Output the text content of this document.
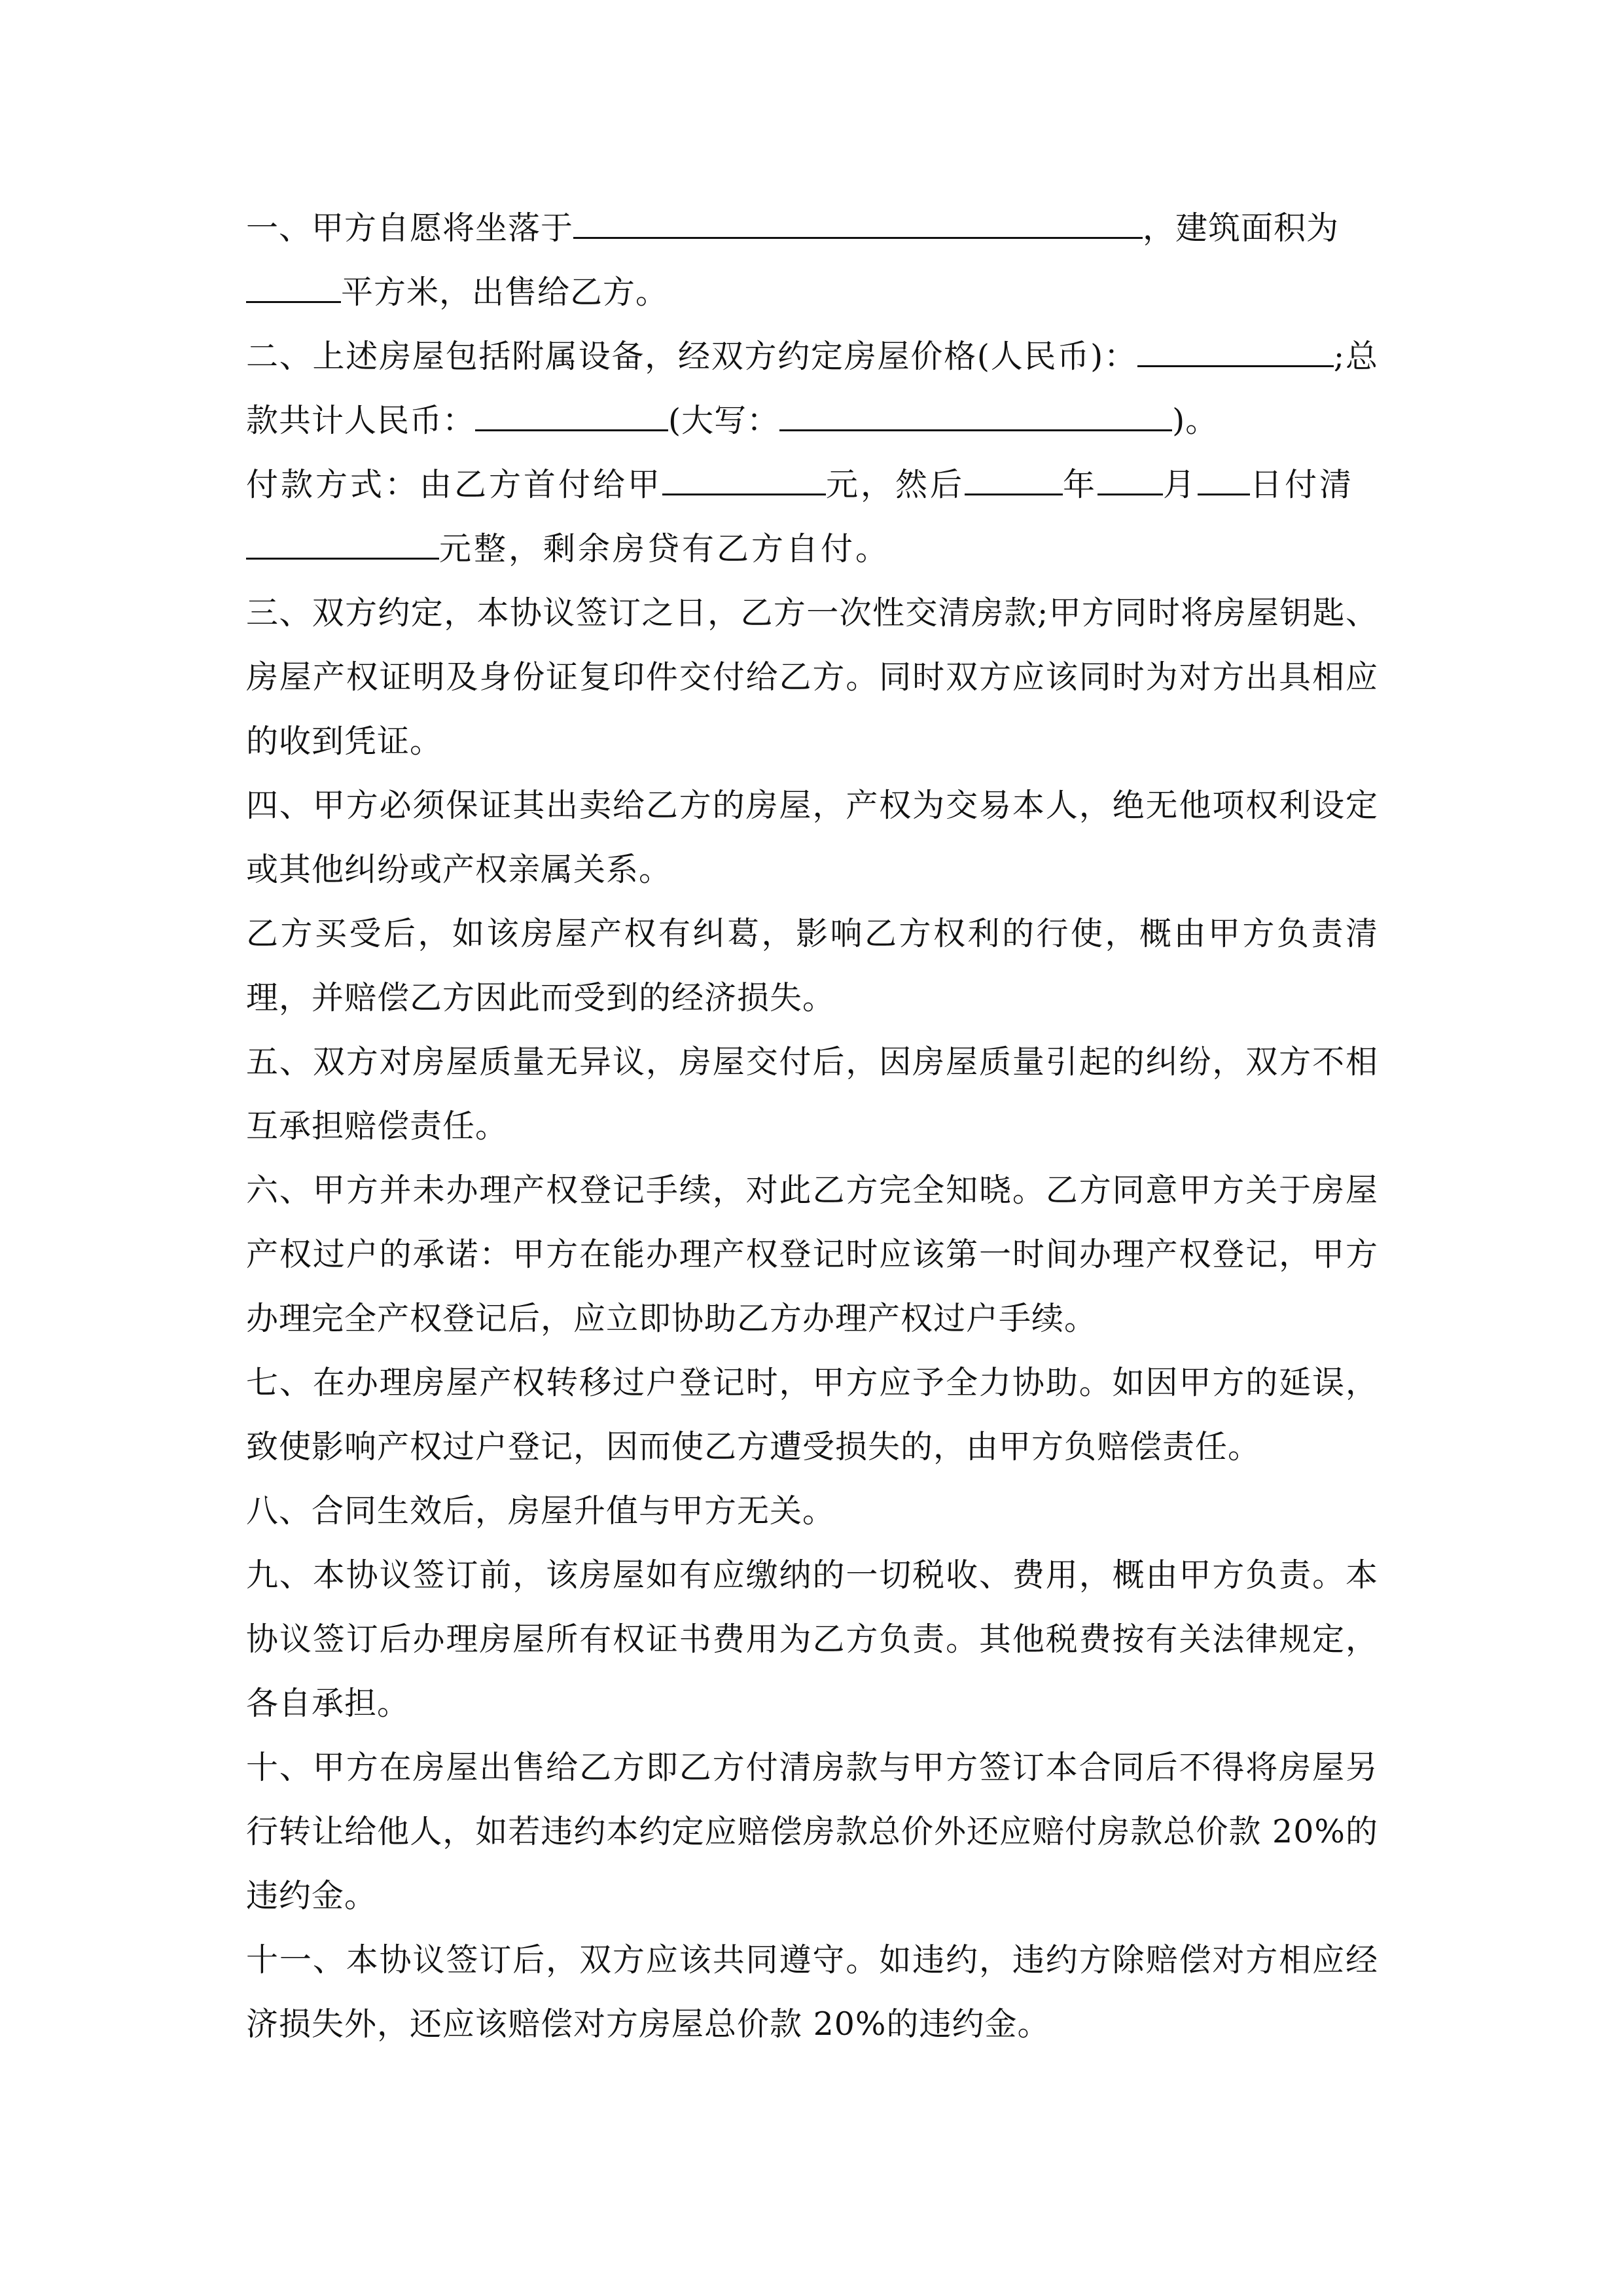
一、甲方自愿将坐落于	，建筑面积为
平方米，出售给乙方。

二、上述房屋包括附属设备，经双方约定房屋价格(人民币)：	;总款共计人民币：	(大写：	)。

付款方式：由乙方首付给甲	元，然后	年 月 日付清
元整，剩余房贷有乙方自付。

三、双方约定，本协议签订之日，乙方一次性交清房款;甲方同时将房屋钥匙、房屋产权证明及身份证复印件交付给乙方。同时双方应该同时为对方出具相应的收到凭证。

四、甲方必须保证其出卖给乙方的房屋，产权为交易本人，绝无他项权利设定或其他纠纷或产权亲属关系。

乙方买受后，如该房屋产权有纠葛，影响乙方权利的行使，概由甲方负责清理，并赔偿乙方因此而受到的经济损失。

五、双方对房屋质量无异议，房屋交付后，因房屋质量引起的纠纷，双方不相互承担赔偿责任。

六、甲方并未办理产权登记手续，对此乙方完全知晓。乙方同意甲方关于房屋产权过户的承诺：甲方在能办理产权登记时应该第一时间办理产权登记，甲方办理完全产权登记后，应立即协助乙方办理产权过户手续。

七、在办理房屋产权转移过户登记时，甲方应予全力协助。如因甲方的延误，致使影响产权过户登记，因而使乙方遭受损失的，由甲方负赔偿责任。

八、合同生效后，房屋升值与甲方无关。

九、本协议签订前，该房屋如有应缴纳的一切税收、费用，概由甲方负责。本协议签订后办理房屋所有权证书费用为乙方负责。其他税费按有关法律规定，各自承担。

十、甲方在房屋出售给乙方即乙方付清房款与甲方签订本合同后不得将房屋另行转让给他人，如若违约本约定应赔偿房款总价外还应赔付房款总价款 20%的违约金。

十一、本协议签订后，双方应该共同遵守。如违约，违约方除赔偿对方相应经济损失外，还应该赔偿对方房屋总价款 20%的违约金。
